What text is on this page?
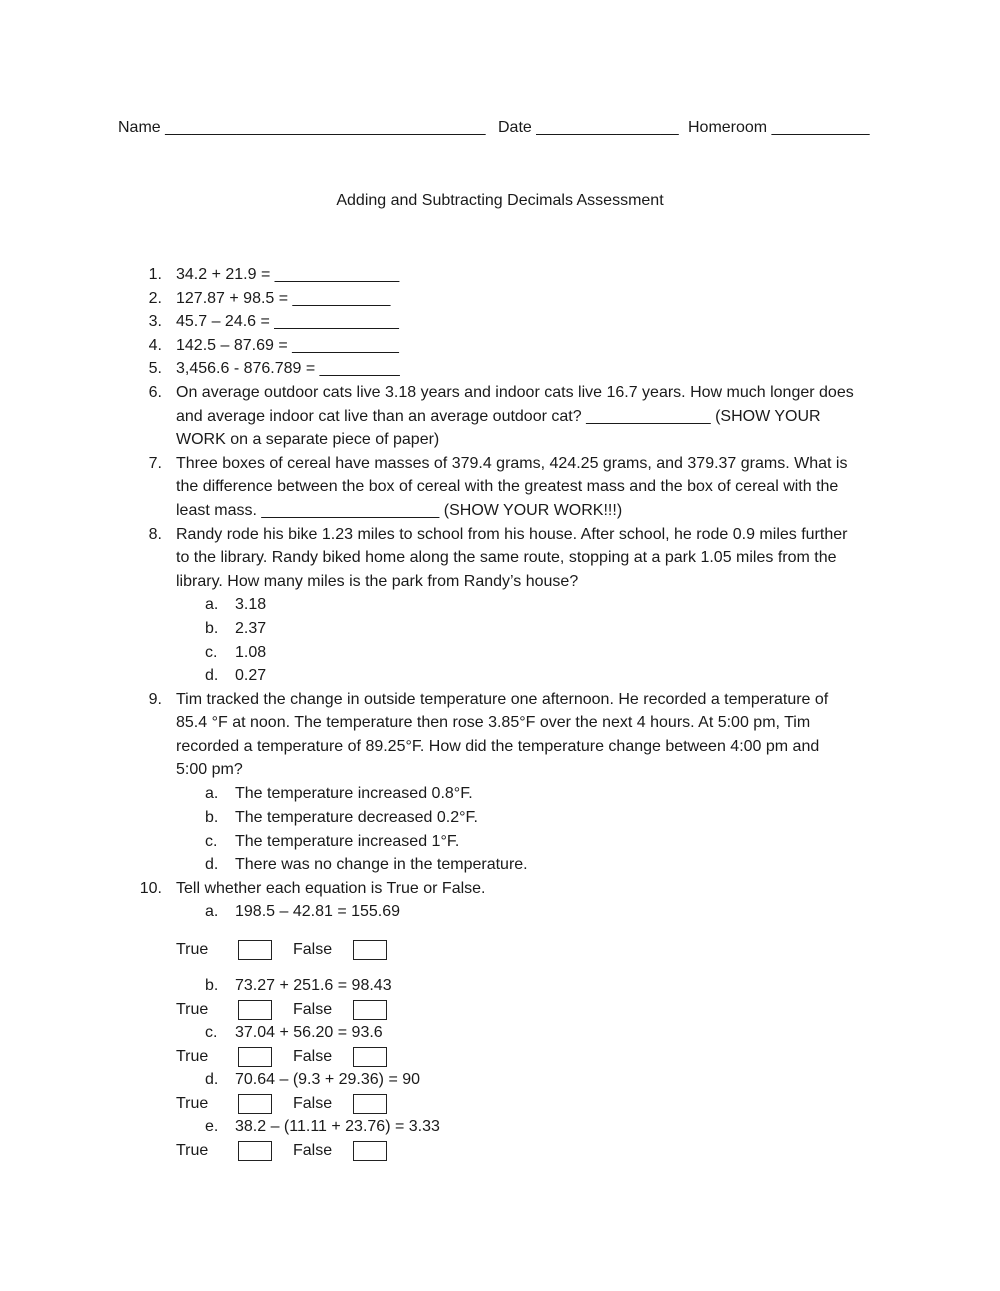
Name ____________________________________ Date ________________ Homeroom ___________
Adding and Subtracting Decimals Assessment
1. 34.2 + 21.9 = ______________
2. 127.87 + 98.5 = ___________
3. 45.7 – 24.6 = ______________
4. 142.5 – 87.69 = ____________
5. 3,456.6 - 876.789 = _________
6. On average outdoor cats live 3.18 years and indoor cats live 16.7 years. How much longer does
and average indoor cat live than an average outdoor cat? ______________ (SHOW YOUR
WORK on a separate piece of paper)
7. Three boxes of cereal have masses of 379.4 grams, 424.25 grams, and 379.37 grams. What is
the difference between the box of cereal with the greatest mass and the box of cereal with the
least mass. ____________________ (SHOW YOUR WORK!!!)
8. Randy rode his bike 1.23 miles to school from his house. After school, he rode 0.9 miles further
to the library. Randy biked home along the same route, stopping at a park 1.05 miles from the
library. How many miles is the park from Randy’s house?
a. 3.18
b. 2.37
c. 1.08
d. 0.27
9. Tim tracked the change in outside temperature one afternoon. He recorded a temperature of
85.4 °F at noon. The temperature then rose 3.85°F over the next 4 hours. At 5:00 pm, Tim
recorded a temperature of 89.25°F. How did the temperature change between 4:00 pm and
5:00 pm?
a. The temperature increased 0.8°F.
b. The temperature decreased 0.2°F.
c. The temperature increased 1°F.
d. There was no change in the temperature.
10. Tell whether each equation is True or False.
a. 198.5 – 42.81 = 155.69
True	False
b. 73.27 + 251.6 = 98.43
True	False
c. 37.04 + 56.20 = 93.6
True	False
d. 70.64 – (9.3 + 29.36) = 90
True	False
e. 38.2 – (11.11 + 23.76) = 3.33
True	False
